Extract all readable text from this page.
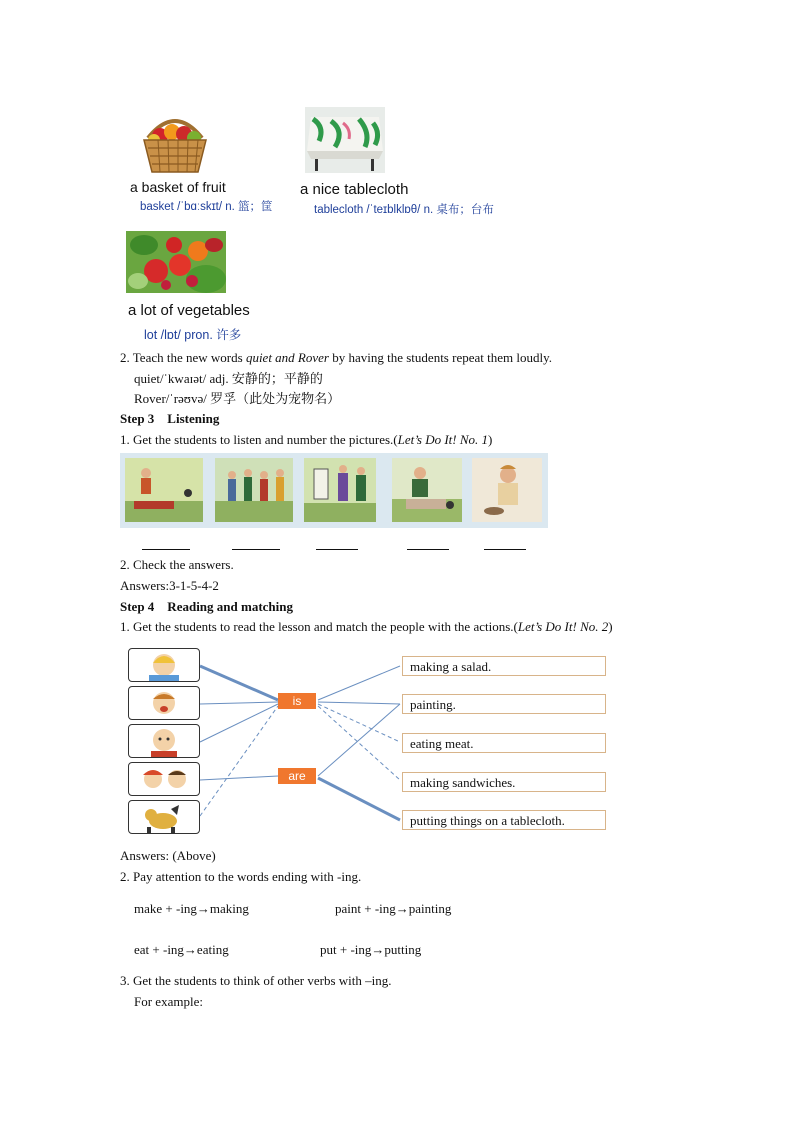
a basket of fruit
basket /ˈbɑːskɪt/ n. 篮；筐
a nice tablecloth
tablecloth /ˈteɪblklɒθ/ n. 桌布；台布
a lot of vegetables
lot /lɒt/ pron. 许多
2. Teach the new words quiet and Rover by having the students repeat them loudly.
quiet/ˈkwaɪət/ adj. 安静的；平静的
Rover/ˈrəʊvə/ 罗孚（此处为宠物名）
Step 3    Listening
1. Get the students to listen and number the pictures.(Let’s Do It! No. 1)
2. Check the answers.
Answers:3-1-5-4-2
Step 4    Reading and matching
1. Get the students to read the lesson and match the people with the actions.(Let’s Do It! No. 2)
is
are
making a salad.
painting.
eating meat.
making sandwiches.
putting things on a tablecloth.
Answers: (Above)
2. Pay attention to the words ending with -ing.
make + -ing→making	paint + -ing→painting
eat + -ing→eating	put + -ing→putting
3. Get the students to think of other verbs with –ing.
For example:
